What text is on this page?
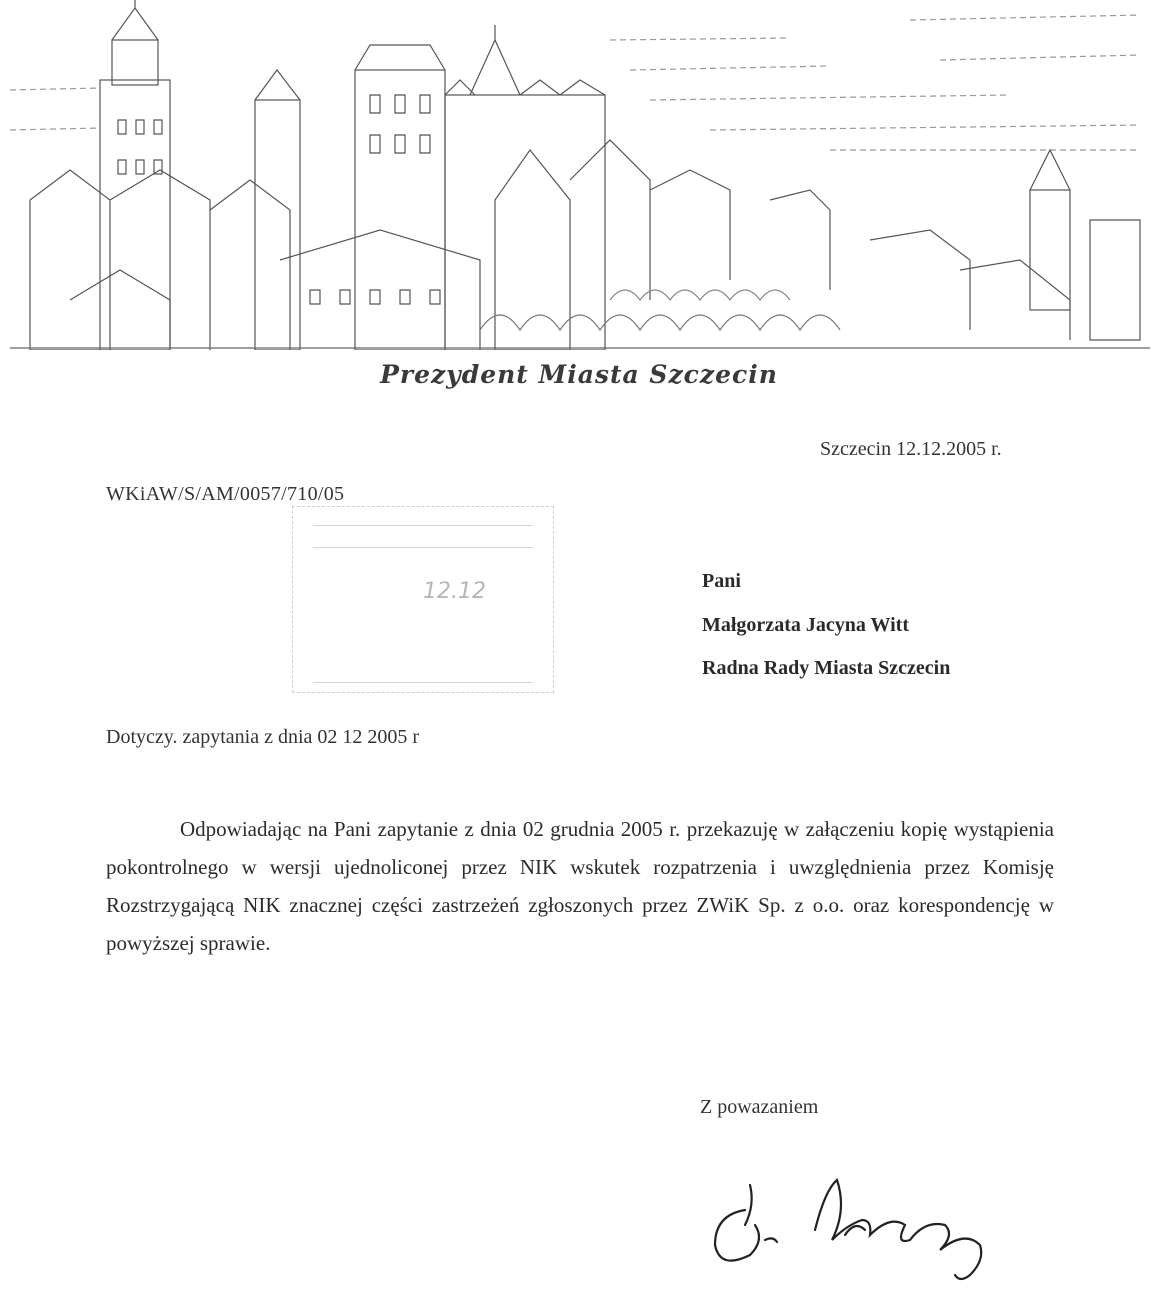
Prezydent Miasta Szczecin
Szczecin 12.12.2005 r.
WKiAW/S/AM/0057/710/05
12.12	Pani
Małgorzata Jacyna Witt
Radna Rady Miasta Szczecin
Dotyczy. zapytania z dnia 02 12 2005 r

Odpowiadając na Pani zapytanie z dnia 02 grudnia 2005 r. przekazuję w załączeniu kopię wystąpienia pokontrolnego w wersji ujednoliconej przez NIK wskutek rozpatrzenia i uwzględnienia przez Komisję Rozstrzygającą NIK znacznej części zastrzeżeń zgłoszonych przez ZWiK Sp. z o.o. oraz korespondencję w powyższej sprawie.

Z powazaniem
